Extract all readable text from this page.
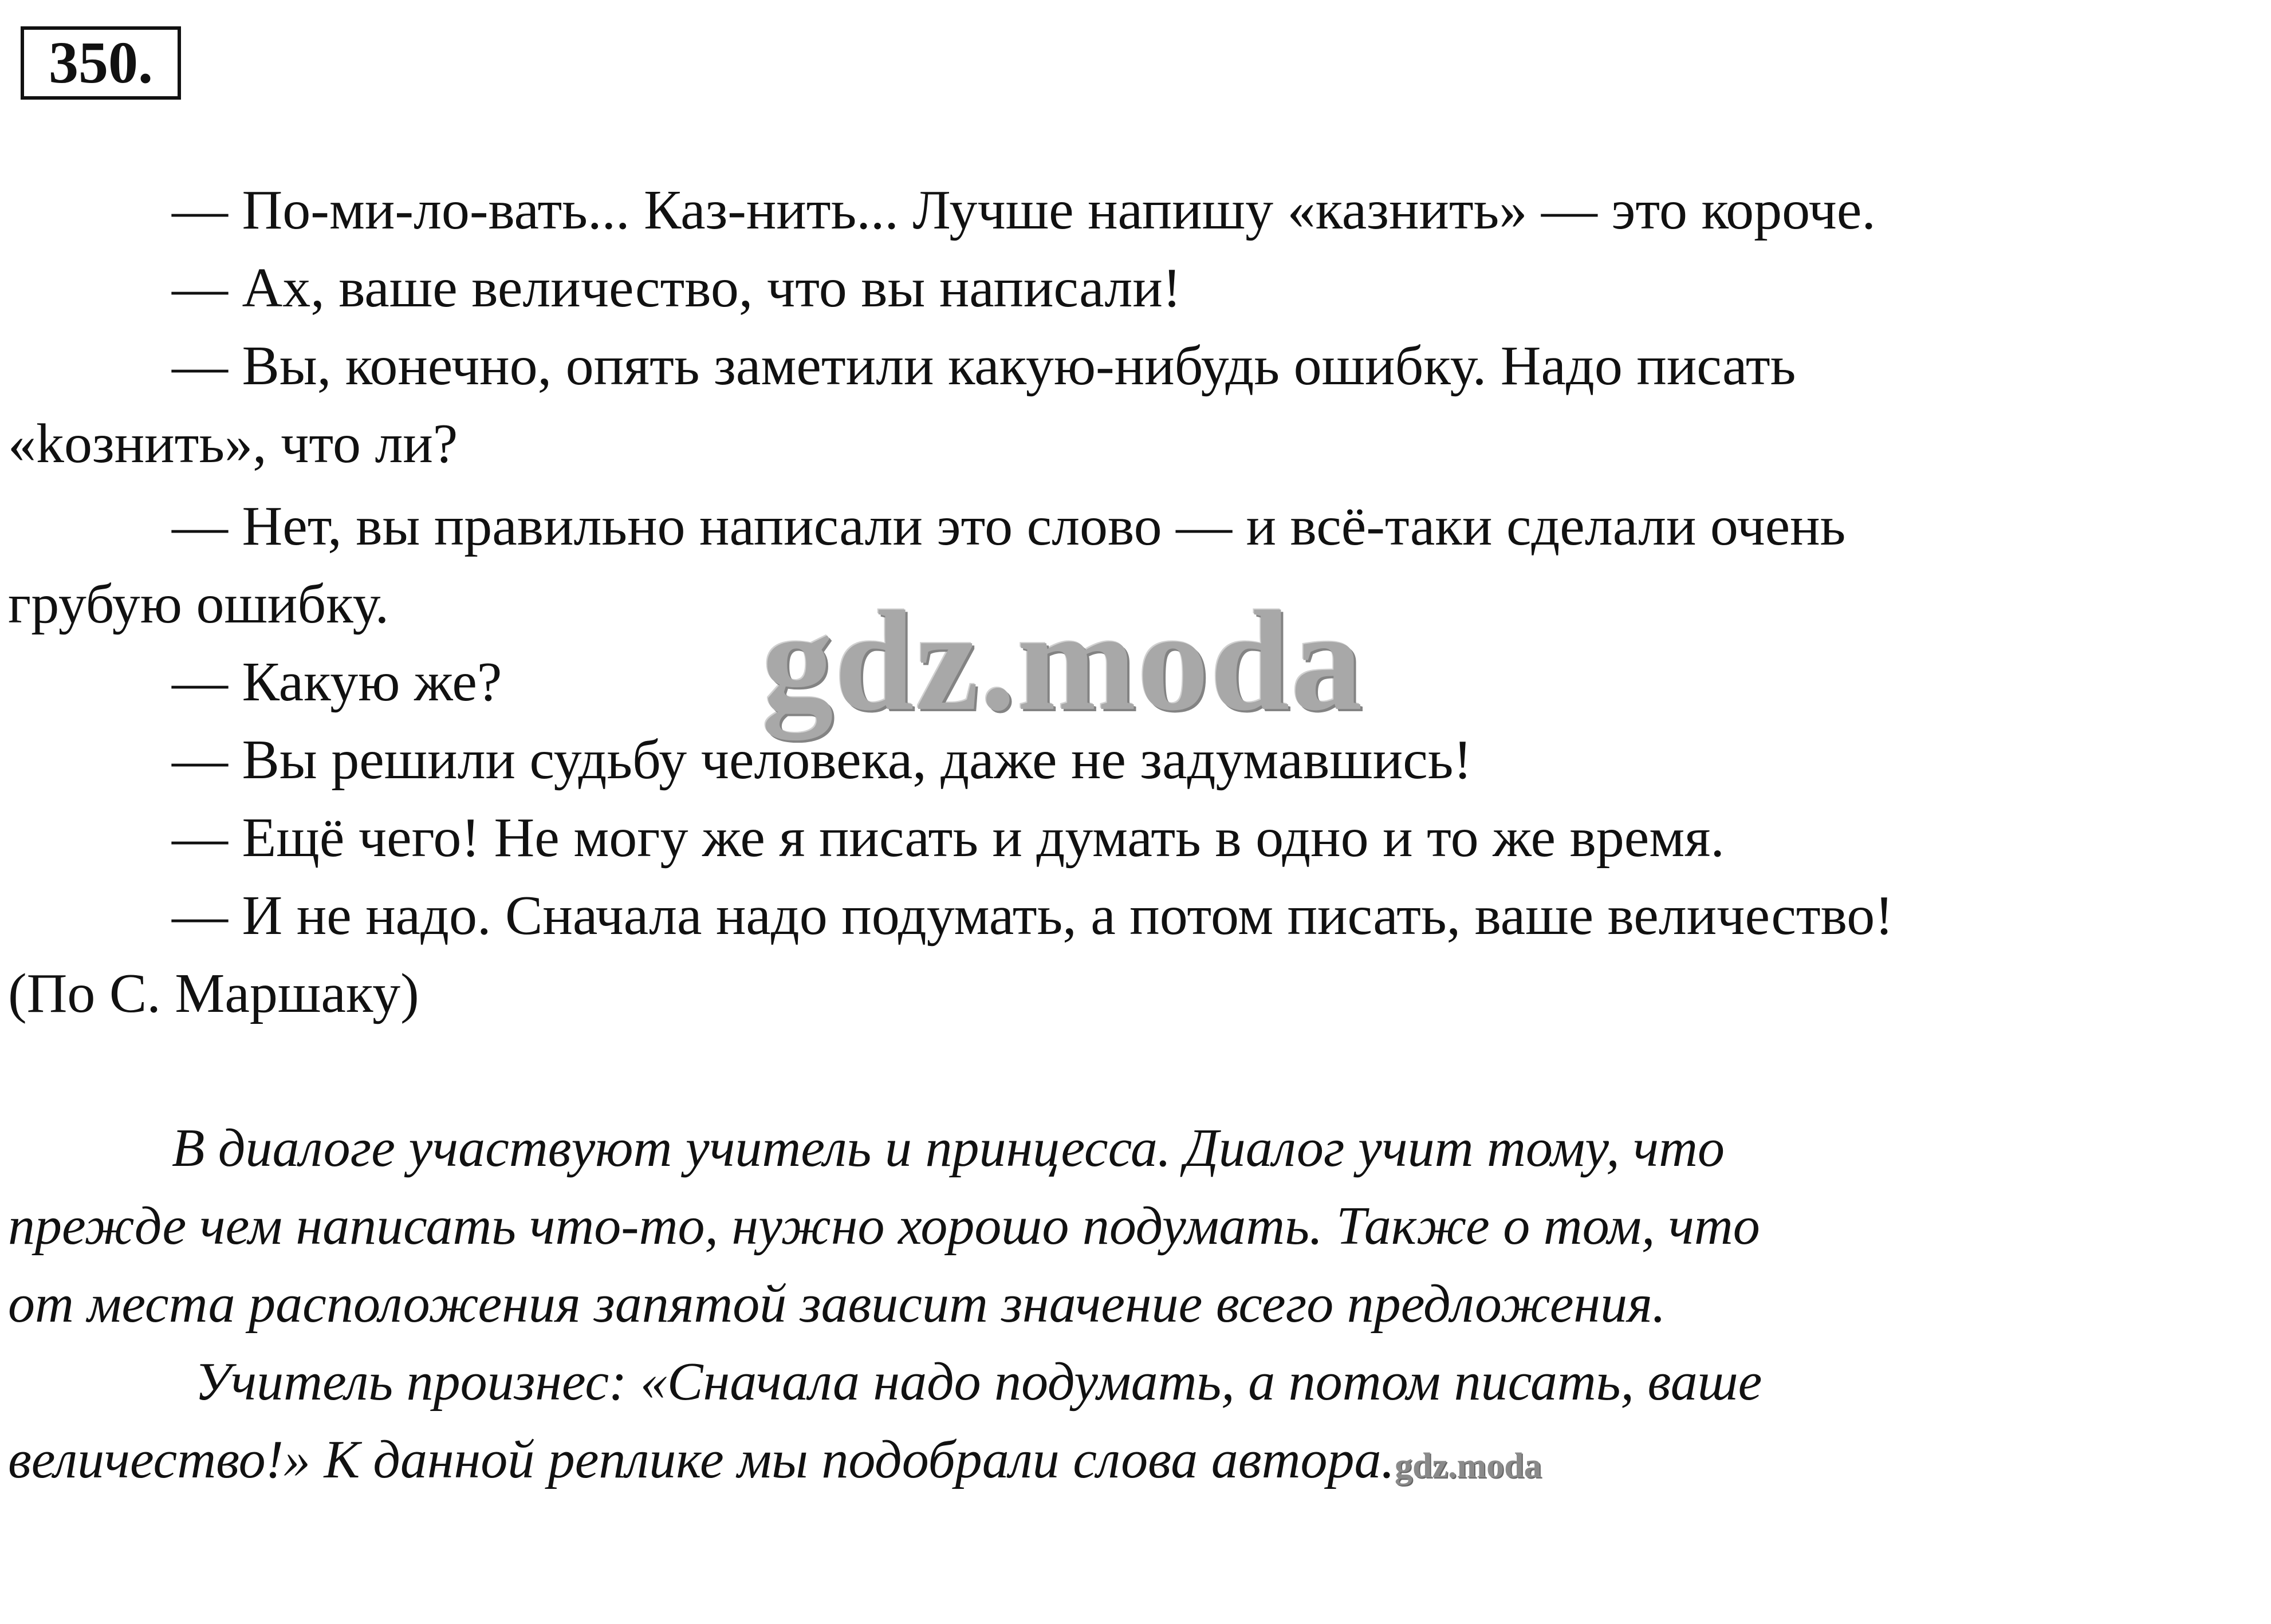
350.
— По-ми-ло-вать... Каз-нить... Лучше напишу «казнить» — это короче.
— Ах, ваше величество, что вы написали!
— Вы, конечно, опять заметили какую-нибудь ошибку. Надо писать
«kознить», что ли?
— Нет, вы правильно написали это слово — и всё-таки сделали очень
грубую ошибку.
— Какую же?
— Вы решили судьбу человека, даже не задумавшись!
— Ещё чего! Не могу же я писать и думать в одно и то же время.
— И не надо. Сначала надо подумать, а потом писать, ваше величество!
(По С. Маршаку)
gdz.moda
В диалоге участвуют учитель и принцесса. Диалог учит тому, что
прежде чем написать что-то, нужно хорошо подумать. Также о том, что
от места расположения запятой зависит значение всего предложения.
Учитель произнес: «Сначала надо подумать, а потом писать, ваше
величество!» К данной реплике мы подобрали слова автора.gdz.moda
